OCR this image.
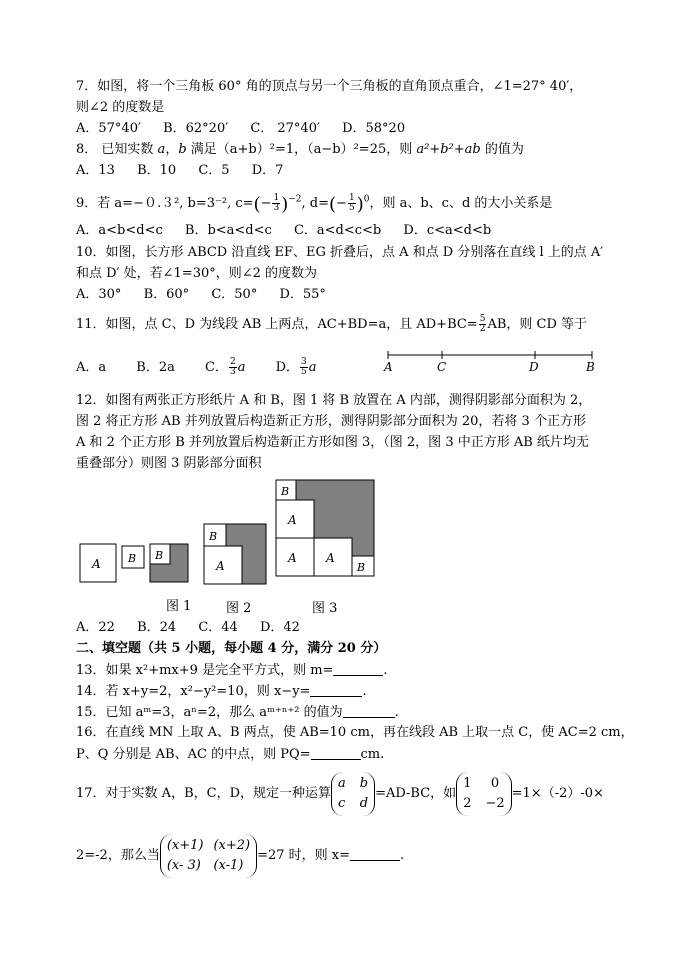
7．如图，将一个三角板 60° 角的顶点与另一个三角板的直角顶点重合，∠1=27° 40′，
则∠2 的度数是
A．57°40′ B．62°20′ C． 27°40′ D．58°20
8． 已知实数 a，b 满足（a+b）²=1，（a−b）²=25，则 a²+b²+ab 的值为
A．13 B．10 C．5 D．7
9．若 a=−０.３², b=3⁻², $c=(- \frac{1}{3} )^{-2}$, $d=(- \frac{1}{5} )^0$，则 a、b、c、d 的大小关系是
A．a<b<d<c B．b<a<d<c C．a<d<c<b D．c<a<d<b
10．如图，长方形 ABCD 沿直线 EF、EG 折叠后，点 A 和点 D 分别落在直线 l 上的点 A′
和点 D′ 处，若∠1=30°，则∠2 的度数为
A．30° B．60° C．50° D．55°
11．如图，点 C、D 为线段 AB 上两点，AC+BD=a，且 $AD+BC= \frac{5}{2}$ AB，则 CD 等于
A．a B．2a C． $\frac{2}{3}$ a D． $\frac{3}{5}$ a	A	C	D	B
12．如图有两张正方形纸片 A 和 B，图 1 将 B 放置在 A 内部，测得阴影部分面积为 2，
图 2 将正方形 AB 并列放置后构造新正方形，测得阴影部分面积为 20，若将 3 个正方形
A 和 2 个正方形 B 并列放置后构造新正方形如图 3，（图 2，图 3 中正方形 AB 纸片均无
重叠部分）则图 3 阴影部分面积
A B B
B
A
B
A
A A
B
图 1	图 2	图 3
A．22 B．24 C．44 D．42
二、填空题（共 5 小题，每小题 4 分，满分 20 分）
13．如果 x²+mx+9 是完全平方式，则 m=	.
14．若 x+y=2，x²−y²=10，则 x−y=	.
15．已知 aᵐ=3，aⁿ=2，那么 aᵐ⁺ⁿ⁺² 的值为	.
16．在直线 MN 上取 A、B 两点，使 AB=10 cm，再在线段 AB 上取一点 C，使 AC=2 cm，
P、Q 分别是 AB、AC 的中点，则 PQ=	cm.
17．对于实数 A，B，C，D，规定一种运算
a b
c d
=AD-BC，如
1	0
2 −2
=1×（-2）-0×
2=-2，那么当
(x+1) (x+2)
(x- 3) (x-1)
=27 时，则 x=	.
